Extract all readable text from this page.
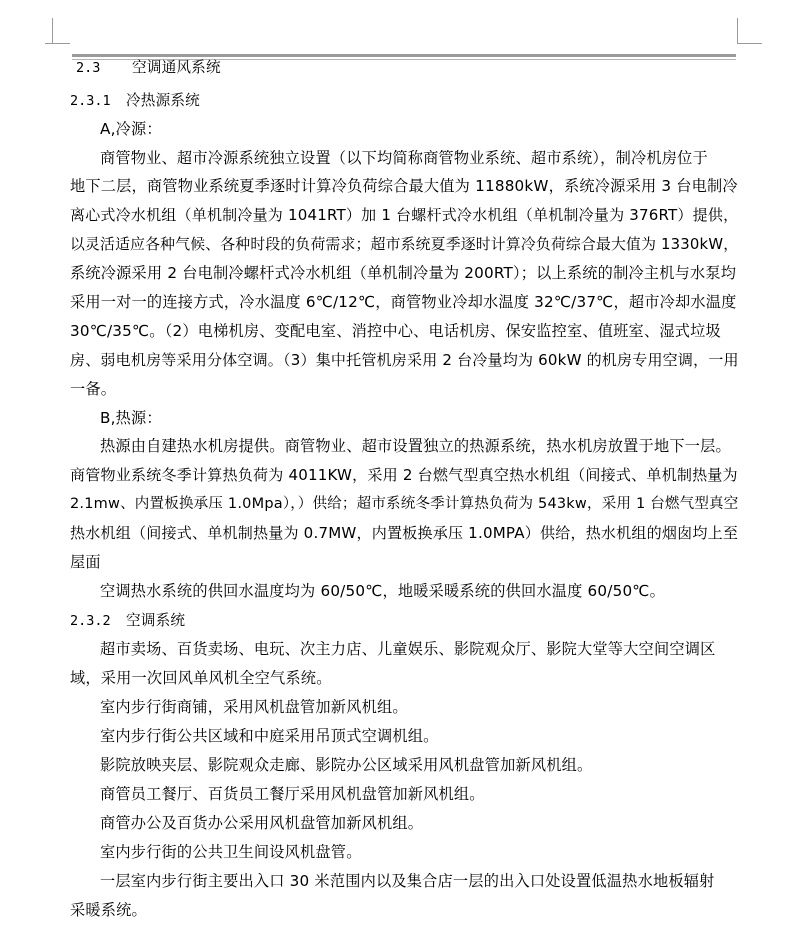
2.3 空调通风系统
2.3.1 冷热源系统
A,冷源：
商管物业、超市冷源系统独立设置（以下均简称商管物业系统、超市系统），制冷机房位于
地下二层，商管物业系统夏季逐时计算冷负荷综合最大值为 11880kW，系统冷源采用 3 台电制冷
离心式冷水机组（单机制冷量为 1041RT）加 1 台螺杆式冷水机组（单机制冷量为 376RT）提供，
以灵活适应各种气候、各种时段的负荷需求；超市系统夏季逐时计算冷负荷综合最大值为 1330kW，
系统冷源采用 2 台电制冷螺杆式冷水机组（单机制冷量为 200RT）；以上系统的制冷主机与水泵均
采用一对一的连接方式，冷水温度 6℃/12℃，商管物业冷却水温度 32℃/37℃，超市冷却水温度
30℃/35℃。（2）电梯机房、变配电室、消控中心、电话机房、保安监控室、值班室、湿式垃圾
房、弱电机房等采用分体空调。（3）集中托管机房采用 2 台冷量均为 60kW 的机房专用空调，一用
一备。
B,热源：
热源由自建热水机房提供。商管物业、超市设置独立的热源系统，热水机房放置于地下一层。
商管物业系统冬季计算热负荷为 4011KW，采用 2 台燃气型真空热水机组（间接式、单机制热量为
2.1mw、内置板换承压 1.0Mpa），）供给；超市系统冬季计算热负荷为 543kw，采用 1 台燃气型真空
热水机组（间接式、单机制热量为 0.7MW，内置板换承压 1.0MPA）供给，热水机组的烟囱均上至
屋面
空调热水系统的供回水温度均为 60/50℃，地暖采暖系统的供回水温度 60/50℃。
2.3.2 空调系统
超市卖场、百货卖场、电玩、次主力店、儿童娱乐、影院观众厅、影院大堂等大空间空调区
域，采用一次回风单风机全空气系统。
室内步行街商铺，采用风机盘管加新风机组。
室内步行街公共区域和中庭采用吊顶式空调机组。
影院放映夹层、影院观众走廊、影院办公区域采用风机盘管加新风机组。
商管员工餐厅、百货员工餐厅采用风机盘管加新风机组。
商管办公及百货办公采用风机盘管加新风机组。
室内步行街的公共卫生间设风机盘管。
一层室内步行街主要出入口 30 米范围内以及集合店一层的出入口处设置低温热水地板辐射
采暖系统。
